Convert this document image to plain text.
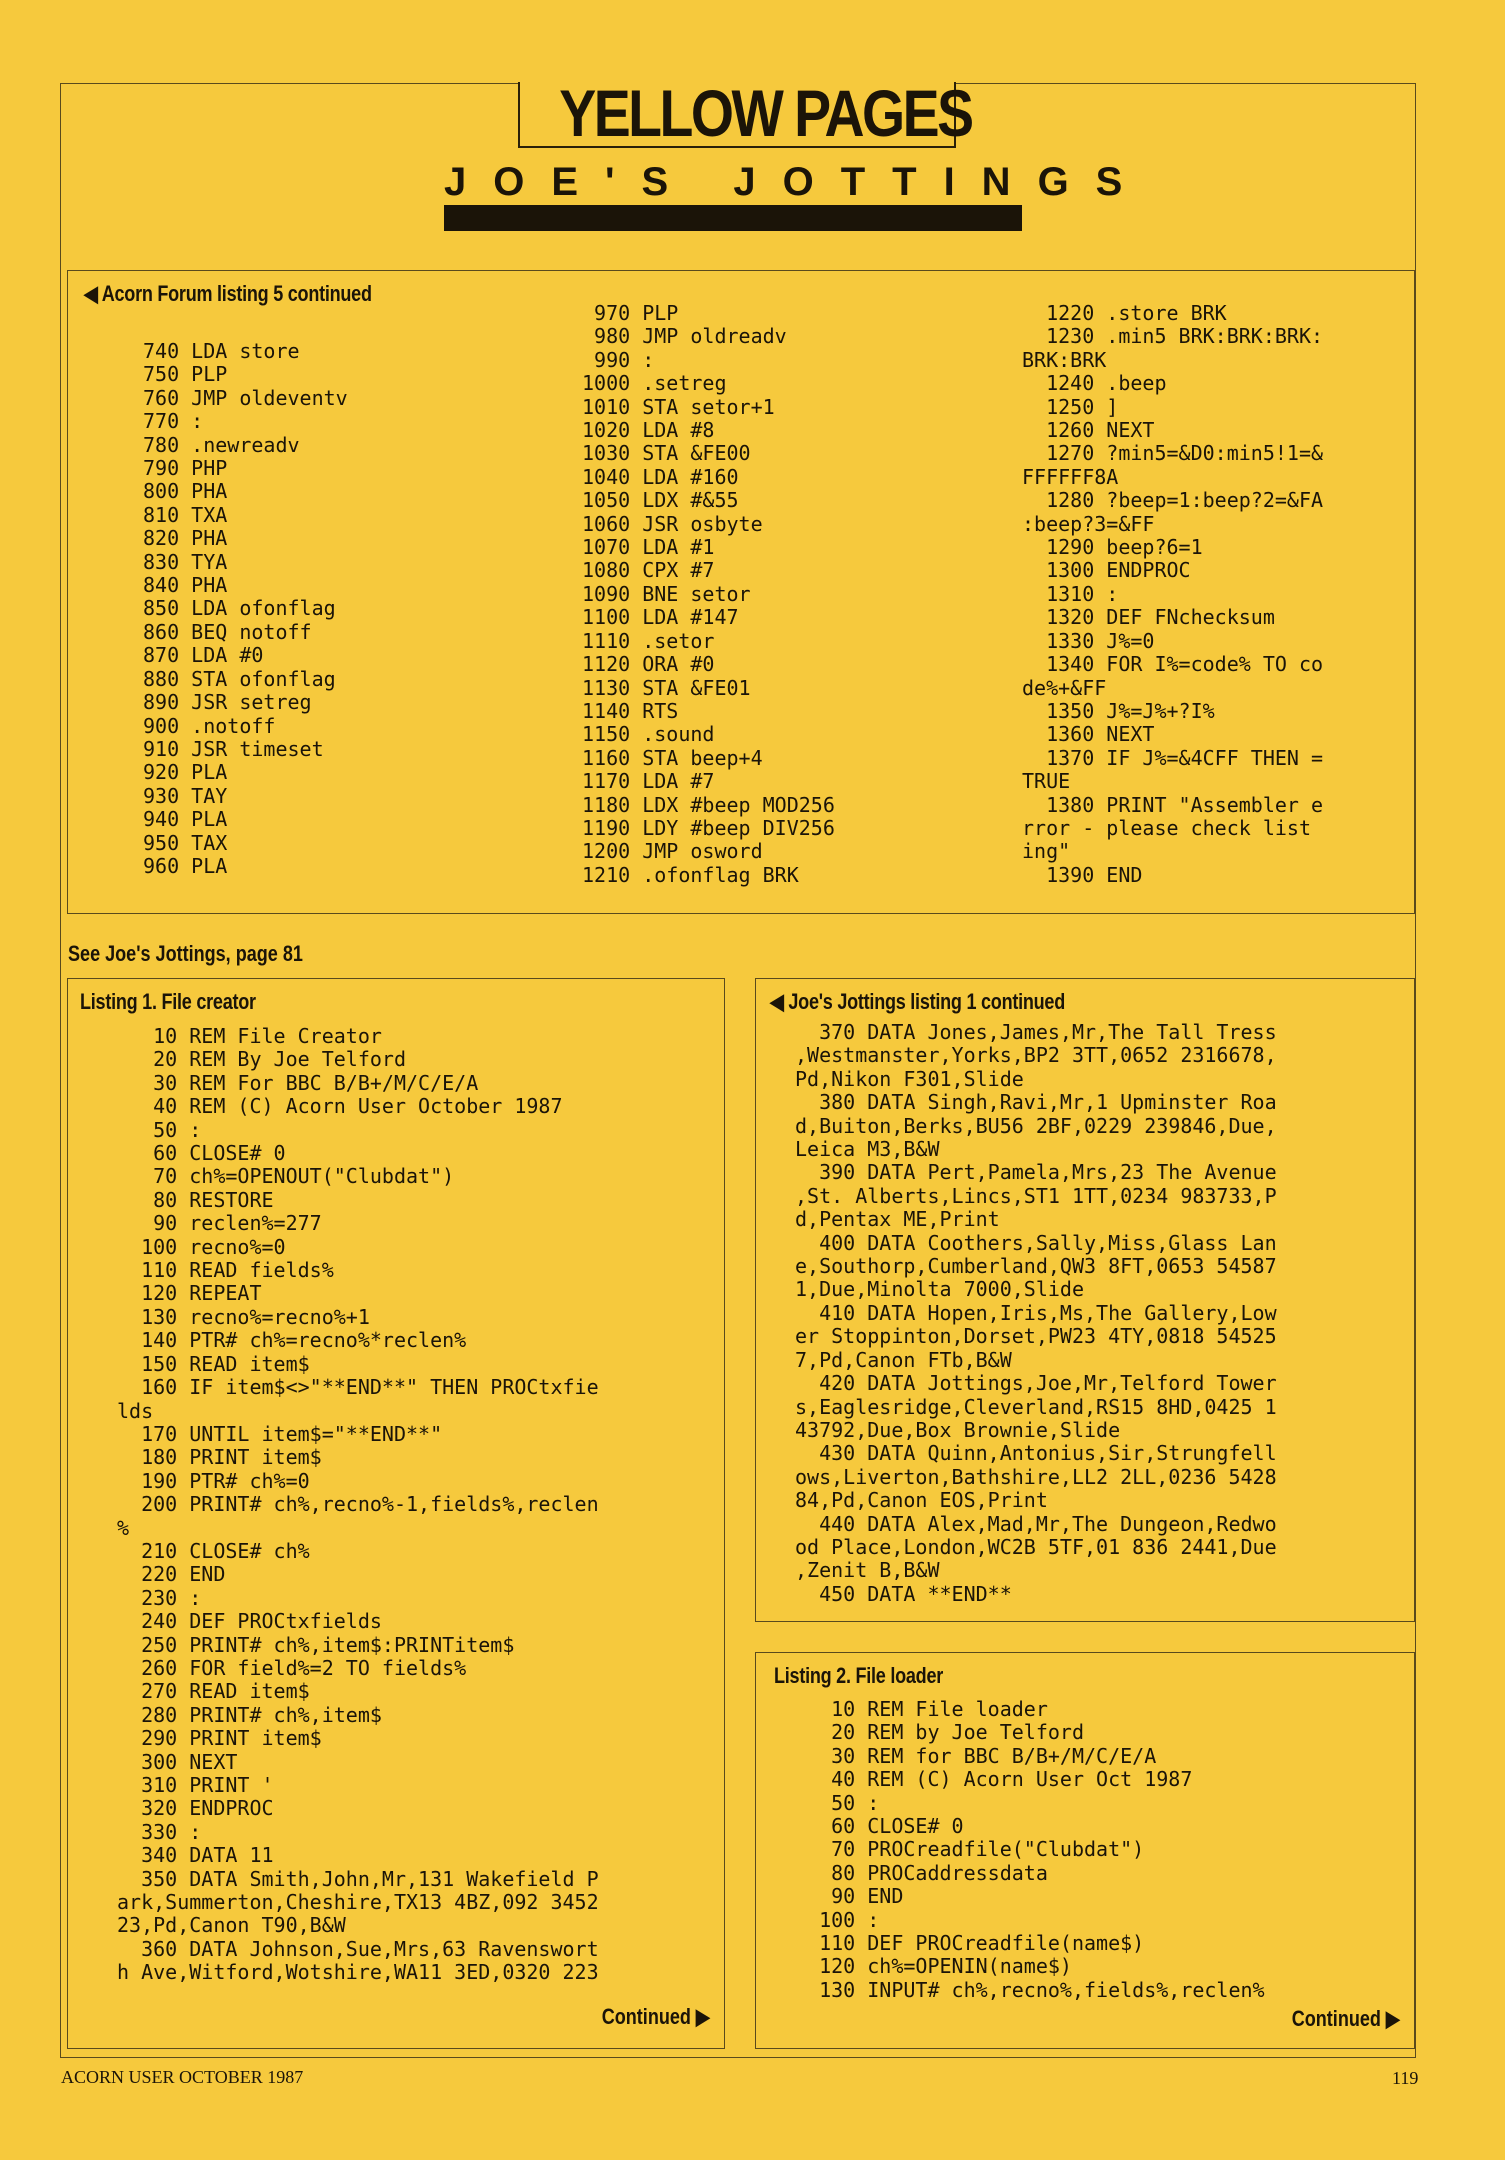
YELLOW PAGES
JOE'S JOTTINGS
◀ Acorn Forum listing 5 continued
740 LDA store
750 PLP
760 JMP oldeventv
770 :
780 .newreadv
790 PHP
800 PHA
810 TXA
820 PHA
830 TYA
840 PHA
850 LDA ofonflag
860 BEQ notoff
870 LDA #0
880 STA ofonflag
890 JSR setreg
900 .notoff
910 JSR timeset
920 PLA
930 TAY
940 PLA
950 TAX
960 PLA
970 PLP
980 JMP oldreadv
990 :
1000 .setreg
1010 STA setor+1
1020 LDA #8
1030 STA &FE00
1040 LDA #160
1050 LDX #&55
1060 JSR osbyte
1070 LDA #1
1080 CPX #7
1090 BNE setor
1100 LDA #147
1110 .setor
1120 ORA #0
1130 STA &FE01
1140 RTS
1150 .sound
1160 STA beep+4
1170 LDA #7
1180 LDX #beep MOD256
1190 LDY #beep DIV256
1200 JMP osword
1210 .ofonflag BRK
1220 .store BRK
1230 .min5 BRK:BRK:BRK:
BRK:BRK
1240 .beep
1250 ]
1260 NEXT
1270 ?min5=&D0:min5!1=&
FFFFFF8A
1280 ?beep=1:beep?2=&FA
:beep?3=&FF
1290 beep?6=1
1300 ENDPROC
1310 :
1320 DEF FNchecksum
1330 J%=0
1340 FOR I%=code% TO co
de%+&FF
1350 J%=J%+?I%
1360 NEXT
1370 IF J%=&4CFF THEN =
TRUE
1380 PRINT "Assembler e
rror - please check list
ing"
1390 END
See Joe's Jottings, page 81
Listing 1. File creator
10 REM File Creator
20 REM By Joe Telford
30 REM For BBC B/B+/M/C/E/A
40 REM (C) Acorn User October 1987
50 :
60 CLOSE# 0
70 ch%=OPENOUT("Clubdat")
80 RESTORE
90 reclen%=277
100 recno%=0
110 READ fields%
120 REPEAT
130 recno%=recno%+1
140 PTR# ch%=recno%*reclen%
150 READ item$
160 IF item$<>"**END**" THEN PROCtxfie
lds
170 UNTIL item$="**END**"
180 PRINT item$
190 PTR# ch%=0
200 PRINT# ch%,recno%-1,fields%,reclen
%
210 CLOSE# ch%
220 END
230 :
240 DEF PROCtxfields
250 PRINT# ch%,item$:PRINTitem$
260 FOR field%=2 TO fields%
270 READ item$
280 PRINT# ch%,item$
290 PRINT item$
300 NEXT
310 PRINT '
320 ENDPROC
330 :
340 DATA 11
350 DATA Smith,John,Mr,131 Wakefield P
ark,Summerton,Cheshire,TX13 4BZ,092 3452
23,Pd,Canon T90,B&W
360 DATA Johnson,Sue,Mrs,63 Ravenswort
h Ave,Witford,Wotshire,WA11 3ED,0320 223
Continued ▶
◀ Joe's Jottings listing 1 continued
370 DATA Jones,James,Mr,The Tall Tress
,Westmanster,Yorks,BP2 3TT,0652 2316678,
Pd,Nikon F301,Slide
380 DATA Singh,Ravi,Mr,1 Upminster Roa
d,Buiton,Berks,BU56 2BF,0229 239846,Due,
Leica M3,B&W
390 DATA Pert,Pamela,Mrs,23 The Avenue
,St. Alberts,Lincs,ST1 1TT,0234 983733,P
d,Pentax ME,Print
400 DATA Coothers,Sally,Miss,Glass Lan
e,Southorp,Cumberland,QW3 8FT,0653 54587
1,Due,Minolta 7000,Slide
410 DATA Hopen,Iris,Ms,The Gallery,Low
er Stoppinton,Dorset,PW23 4TY,0818 54525
7,Pd,Canon FTb,B&W
420 DATA Jottings,Joe,Mr,Telford Tower
s,Eaglesridge,Cleverland,RS15 8HD,0425 1
43792,Due,Box Brownie,Slide
430 DATA Quinn,Antonius,Sir,Strungfell
ows,Liverton,Bathshire,LL2 2LL,0236 5428
84,Pd,Canon EOS,Print
440 DATA Alex,Mad,Mr,The Dungeon,Redwo
od Place,London,WC2B 5TF,01 836 2441,Due
,Zenit B,B&W
450 DATA **END**
Listing 2. File loader
10 REM File loader
20 REM by Joe Telford
30 REM for BBC B/B+/M/C/E/A
40 REM (C) Acorn User Oct 1987
50 :
60 CLOSE# 0
70 PROCreadfile("Clubdat")
80 PROCaddressdata
90 END
100 :
110 DEF PROCreadfile(name$)
120 ch%=OPENIN(name$)
130 INPUT# ch%,recno%,fields%,reclen%
Continued ▶
ACORN USER OCTOBER 1987	119
